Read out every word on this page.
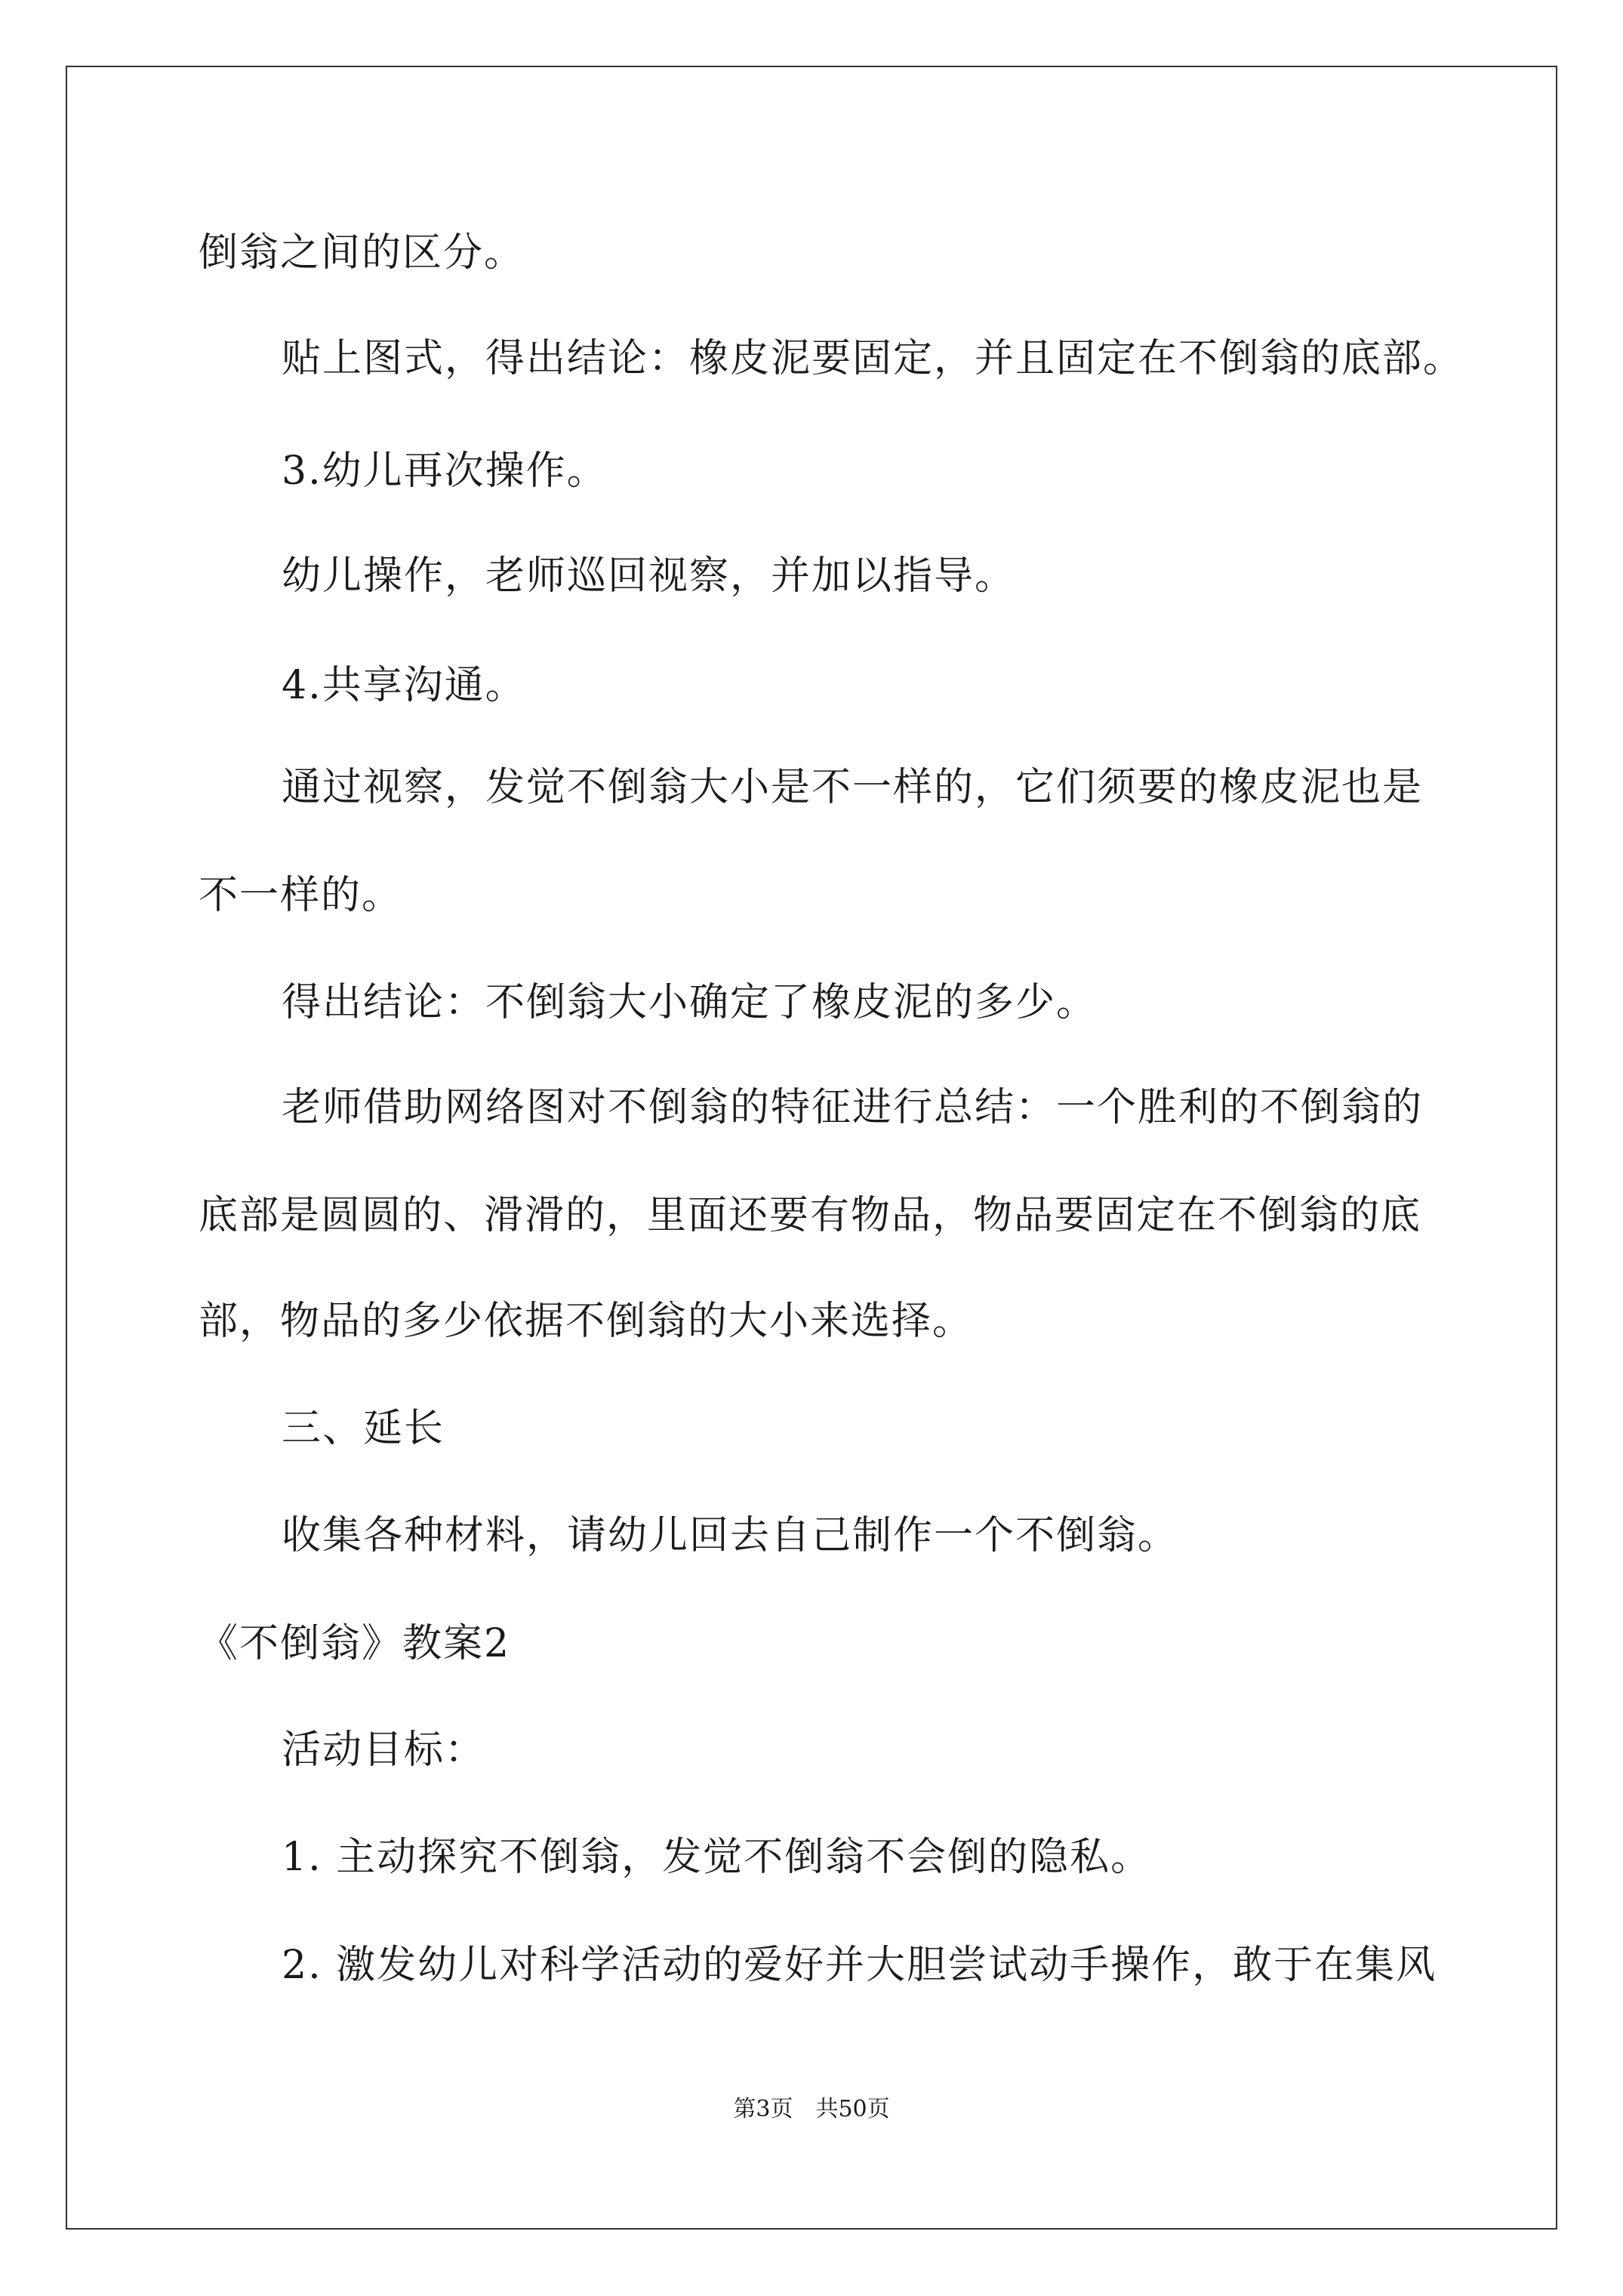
倒翁之间的区分。
贴上图式，得出结论：橡皮泥要固定，并且固定在不倒翁的底部。
3.幼儿再次操作。
幼儿操作，老师巡回视察，并加以指导。
4.共享沟通。
通过视察，发觉不倒翁大小是不一样的，它们须要的橡皮泥也是
不一样的。
得出结论：不倒翁大小确定了橡皮泥的多少。
老师借助网络图对不倒翁的特征进行总结：一个胜利的不倒翁的
底部是圆圆的、滑滑的，里面还要有物品，物品要固定在不倒翁的底
部，物品的多少依据不倒翁的大小来选择。
三、延长
收集各种材料，请幼儿回去自己制作一个不倒翁。
《不倒翁》教案2
活动目标：
1. 主动探究不倒翁，发觉不倒翁不会倒的隐私。
2. 激发幼儿对科学活动的爱好并大胆尝试动手操作，敢于在集风
第3页　共50页
